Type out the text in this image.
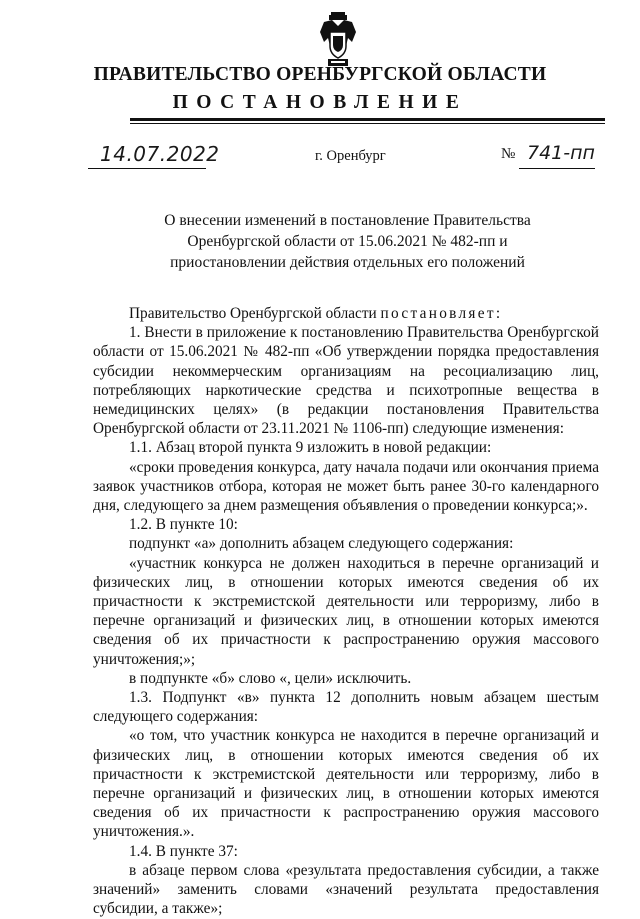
ПРАВИТЕЛЬСТВО ОРЕНБУРГСКОЙ ОБЛАСТИ
ПОСТАНОВЛЕНИЕ
14.07.2022	г. Оренбург	№ 741-пп
О внесении изменений в постановление Правительства
Оренбургской области от 15.06.2021 № 482-пп и
приостановлении действия отдельных его положений

Правительство Оренбургской области постановляет:

1. Внести в приложение к постановлению Правительства Оренбургской области от 15.06.2021 № 482-пп «Об утверждении порядка предоставления субсидии некоммерческим организациям на ресоциализацию лиц, потребляющих наркотические средства и психотропные вещества в немедицинских целях» (в редакции постановления Правительства Оренбургской области от 23.11.2021 № 1106-пп) следующие изменения:

1.1. Абзац второй пункта 9 изложить в новой редакции:

«сроки проведения конкурса, дату начала подачи или окончания приема заявок участников отбора, которая не может быть ранее 30-го календарного дня, следующего за днем размещения объявления о проведении конкурса;».

1.2. В пункте 10:

подпункт «а» дополнить абзацем следующего содержания:

«участник конкурса не должен находиться в перечне организаций и физических лиц, в отношении которых имеются сведения об их причастности к экстремистской деятельности или терроризму, либо в перечне организаций и физических лиц, в отношении которых имеются сведения об их причастности к распространению оружия массового уничтожения;»;

в подпункте «б» слово «, цели» исключить.

1.3. Подпункт «в» пункта 12 дополнить новым абзацем шестым следующего содержания:

«о том, что участник конкурса не находится в перечне организаций и физических лиц, в отношении которых имеются сведения об их причастности к экстремистской деятельности или терроризму, либо в перечне организаций и физических лиц, в отношении которых имеются сведения об их причастности к распространению оружия массового уничтожения.».

1.4. В пункте 37:

в абзаце первом слова «результата предоставления субсидии, а также значений» заменить словами «значений результата предоставления субсидии, а также»;
